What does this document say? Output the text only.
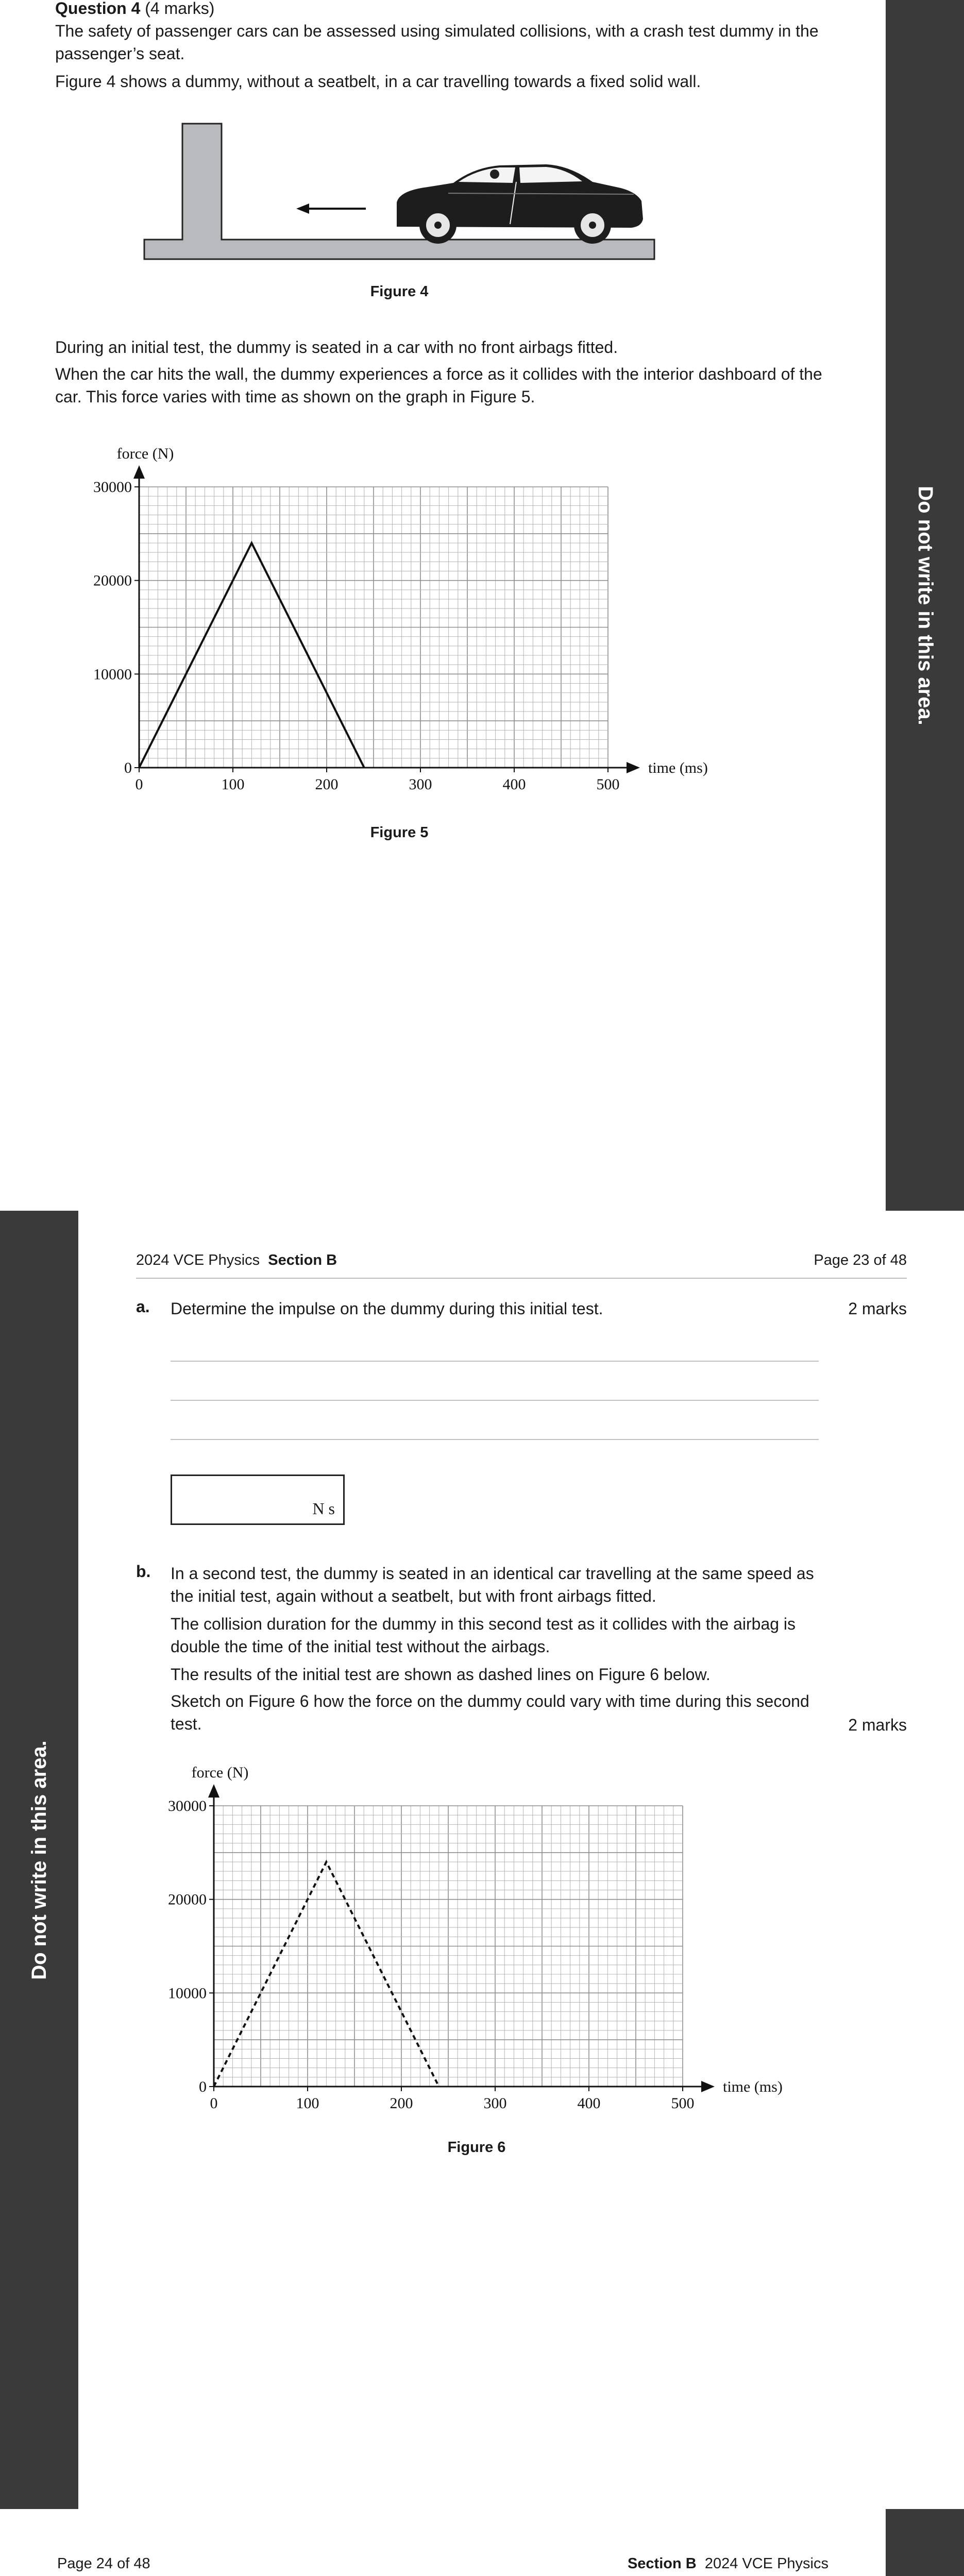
Do not write in this area.
Question 4 (4 marks)
The safety of passenger cars can be assessed using simulated collisions, with a crash test dummy in the passenger’s seat.
Figure 4 shows a dummy, without a seatbelt, in a car travelling towards a fixed solid wall.
Figure 4
During an initial test, the dummy is seated in a car with no front airbags fitted.
When the car hits the wall, the dummy experiences a force as it collides with the interior dashboard of the car. This force varies with time as shown on the graph in Figure 5.
0	100	200	300	400	500
0
10000
20000
30000
time (ms)
force (N)
Figure 5
Do not write in this area.
2024 VCE Physics Section B	Page 23 of 48
a. Determine the impulse on the dummy during this initial test.	2 marks
N s
b. In a second test, the dummy is seated in an identical car travelling at the same speed as the initial test, again without a seatbelt, but with front airbags fitted.
The collision duration for the dummy in this second test as it collides with the airbag is double the time of the initial test without the airbags.
The results of the initial test are shown as dashed lines on Figure 6 below.
Sketch on Figure 6 how the force on the dummy could vary with time during this second test.	2 marks
0	100	200	300	400	500
0
10000
20000
30000
time (ms)
force (N)
Figure 6
Page 24 of 48	Section B 2024 VCE Physics
